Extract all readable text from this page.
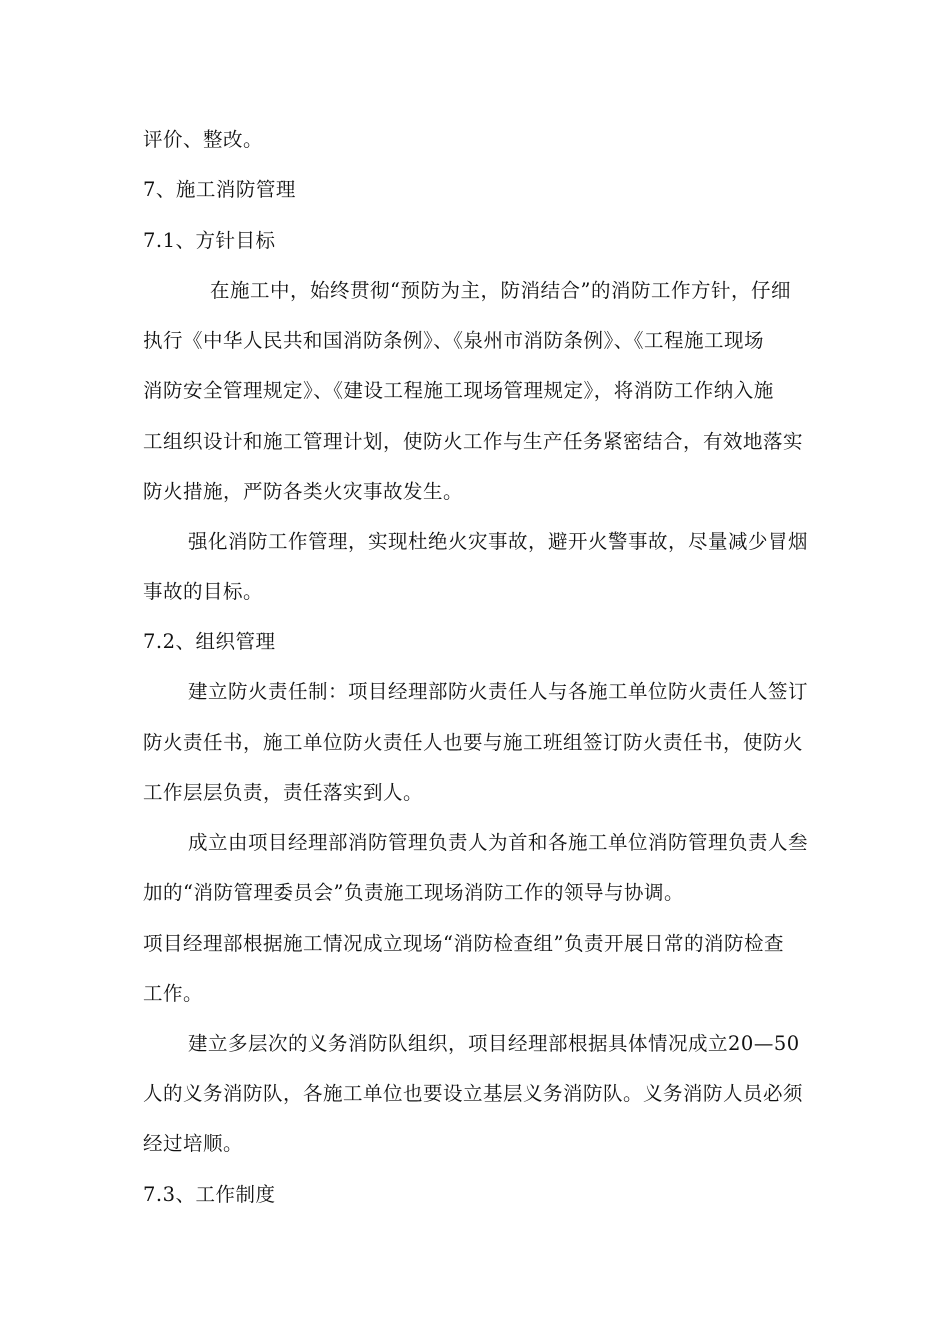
评价、整改。
7、施工消防管理
7.1、方针目标
在施工中，始终贯彻“预防为主，防消结合”的消防工作方针，仔细
执行《中华人民共和国消防条例》、《泉州市消防条例》、《工程施工现场
消防安全管理规定》、《建设工程施工现场管理规定》，将消防工作纳入施
工组织设计和施工管理计划，使防火工作与生产任务紧密结合，有效地落实
防火措施，严防各类火灾事故发生。
强化消防工作管理，实现杜绝火灾事故，避开火警事故，尽量减少冒烟
事故的目标。
7.2、组织管理
建立防火责任制：项目经理部防火责任人与各施工单位防火责任人签订
防火责任书，施工单位防火责任人也要与施工班组签订防火责任书，使防火
工作层层负责，责任落实到人。
成立由项目经理部消防管理负责人为首和各施工单位消防管理负责人叁
加的“消防管理委员会”负责施工现场消防工作的领导与协调。
项目经理部根据施工情况成立现场“消防检查组”负责开展日常的消防检查
工作。
建立多层次的义务消防队组织，项目经理部根据具体情况成立20—50
人的义务消防队，各施工单位也要设立基层义务消防队。义务消防人员必须
经过培顺。
7.3、工作制度
